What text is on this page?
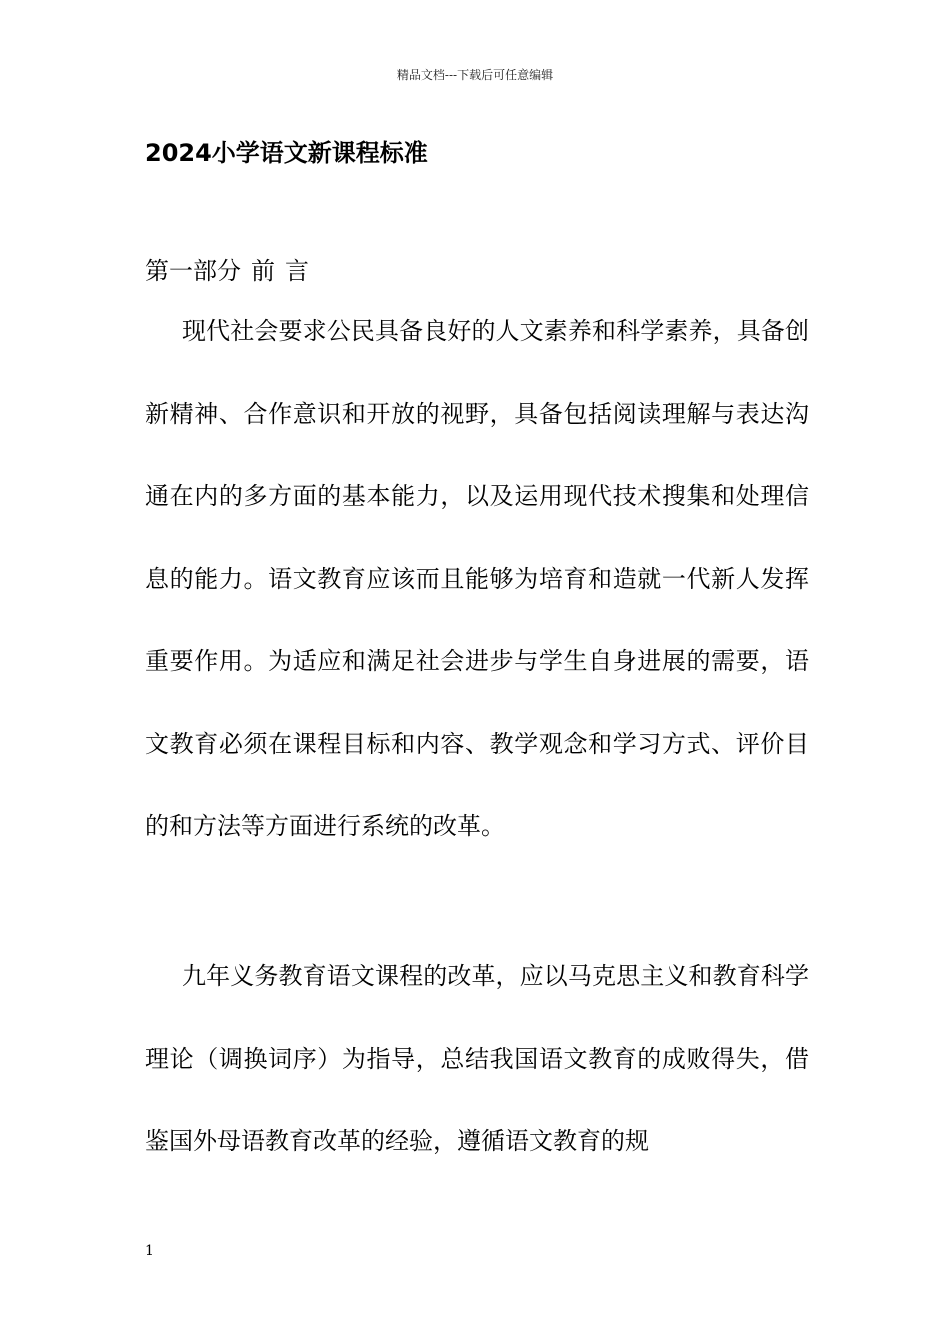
精品文档---下载后可任意编辑
2024小学语文新课程标准
第一部分 前 言

现代社会要求公民具备良好的人文素养和科学素养，具备创新精神、合作意识和开放的视野，具备包括阅读理解与表达沟通在内的多方面的基本能力，以及运用现代技术搜集和处理信息的能力。语文教育应该而且能够为培育和造就一代新人发挥重要作用。为适应和满足社会进步与学生自身进展的需要，语文教育必须在课程目标和内容、教学观念和学习方式、评价目的和方法等方面进行系统的改革。

九年义务教育语文课程的改革，应以马克思主义和教育科学理论（调换词序）为指导，总结我国语文教育的成败得失，借鉴国外母语教育改革的经验，遵循语文教育的规

1
